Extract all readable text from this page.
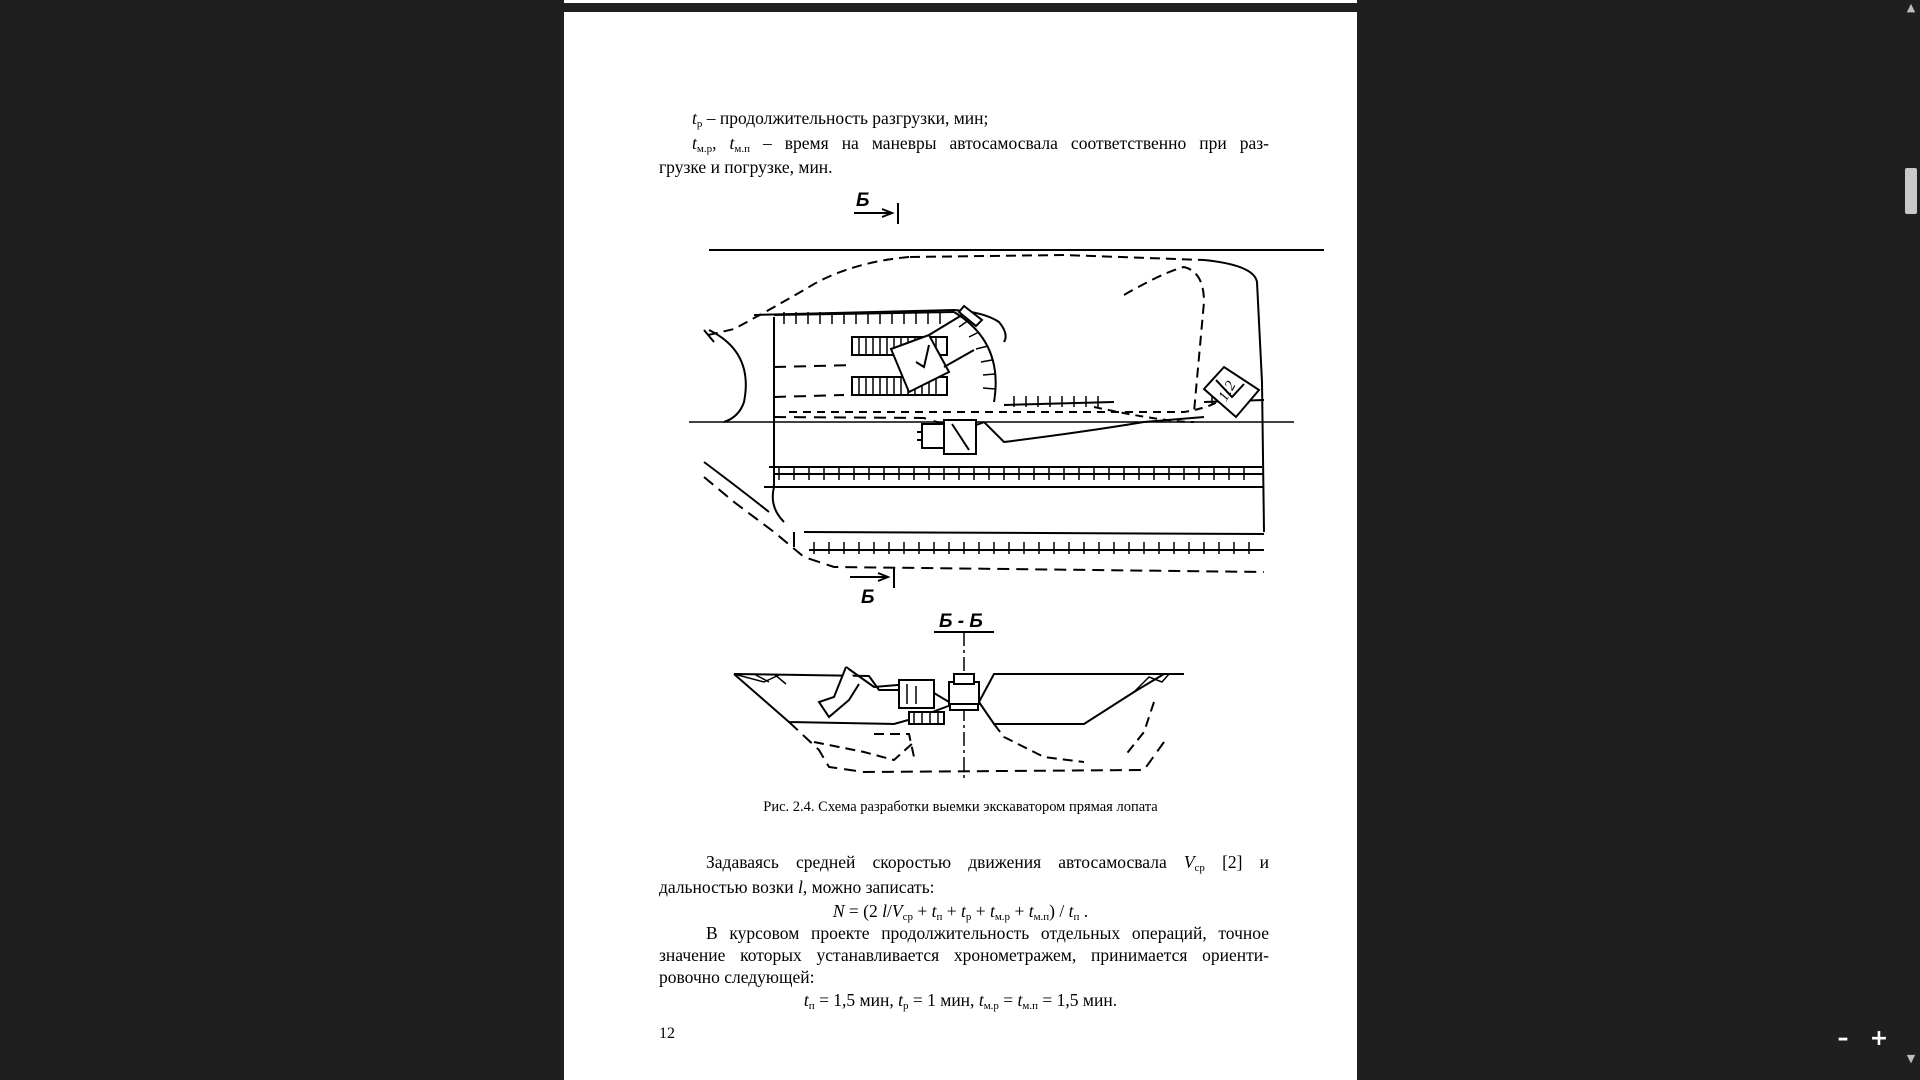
$t_р$ – продолжительность разгрузки, мин;
$t_{м.р}$, $t_{м.п}$ – время на маневры автосамосвала соответственно при раз-
грузке и погрузке, мин.
Б
1:2
Б
Б - Б
Рис. 2.4. Схема разработки выемки экскаватором прямая лопата
Задаваясь средней скоростью движения автосамосвала $V_{ср}$ [2] и
дальностью возки l, можно записать:
N = (2 $l/V_{ср} + t_п + t_р + t_{м.р} + t_{м.п}) / t_п$ .
В курсовом проекте продолжительность отдельных операций, точное
значение которых устанавливается хронометражем, принимается ориенти-
ровочно следующей:
$t_п = 1,5$ мин, $t_р = 1$ мин, $t_{м.р} = t_{м.п} = 1,5$ мин.
12
▲
▼
– +
